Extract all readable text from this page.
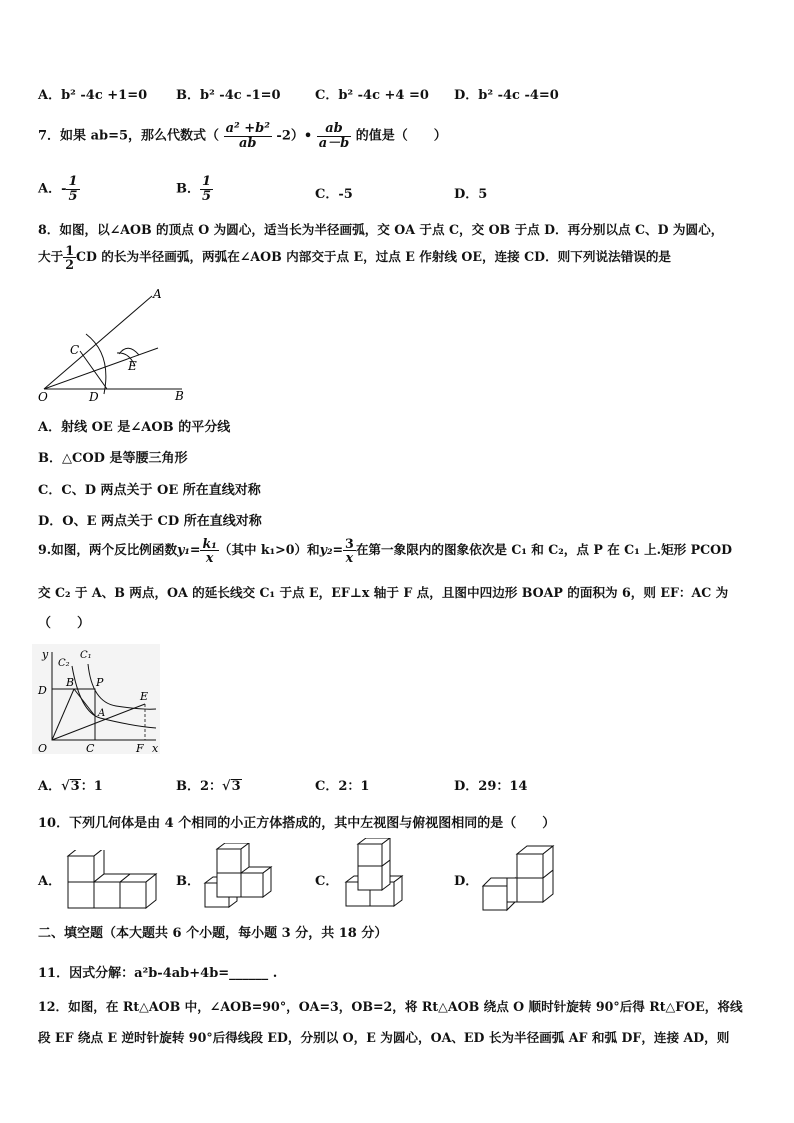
A．b² -4c +1=0 B．b² -4c -1=0	C．b² -4c +4 =0 D．b² -4c -4=0
7．如果 ab=5，那么代数式（ $\frac{\text{a² +b²}}{ab}$ -2）• $\frac{ab}{a-b}$ 的值是（　　）
A．- $\frac{1}{5}$	B． $\frac{1}{5}$	C．-5	D．5
8．如图，以∠AOB 的顶点 O 为圆心，适当长为半径画弧，交 OA 于点 C，交 OB 于点 D．再分别以点 C、D 为圆心，
大于 $\frac{1}{2}$ CD 的长为半径画弧，两弧在∠AOB 内部交于点 E，过点 E 作射线 OE，连接 CD．则下列说法错误的是
A
B
C
D
E
O
A．射线 OE 是∠AOB 的平分线
B．△COD 是等腰三角形
C．C、D 两点关于 OE 所在直线对称
D．O、E 两点关于 CD 所在直线对称
9.如图，两个反比例函数$y_1= \frac{\text{k₁}}{x}$ （其中 k₁>0）和$y_2= \frac{3}{x}$ 在第一象限内的图象依次是 C₁ 和 C₂，点 P 在 C₁ 上.矩形 PCOD
交 C₂ 于 A、B 两点，OA 的延长线交 C₁ 于点 E，EF⊥x 轴于 F 点，且图中四边形 BOAP 的面积为 6，则 EF：AC 为
（　　）
y
x
C₂
C₁
B P
D	E
A
O	C	F
A．√3：1	B．2：√3	C．2：1	D．29：14
10．下列几何体是由 4 个相同的小正方体搭成的，其中左视图与俯视图相同的是（　　）
A．	B．	C．	D．
二、填空题（本大题共 6 个小题，每小题 3 分，共 18 分）
11．因式分解：a²b-4ab+4b=______ .
12．如图，在 Rt△AOB 中，∠AOB=90°，OA=3，OB=2，将 Rt△AOB 绕点 O 顺时针旋转 90°后得 Rt△FOE，将线
段 EF 绕点 E 逆时针旋转 90°后得线段 ED，分别以 O，E 为圆心，OA、ED 长为半径画弧 AF 和弧 DF，连接 AD，则
